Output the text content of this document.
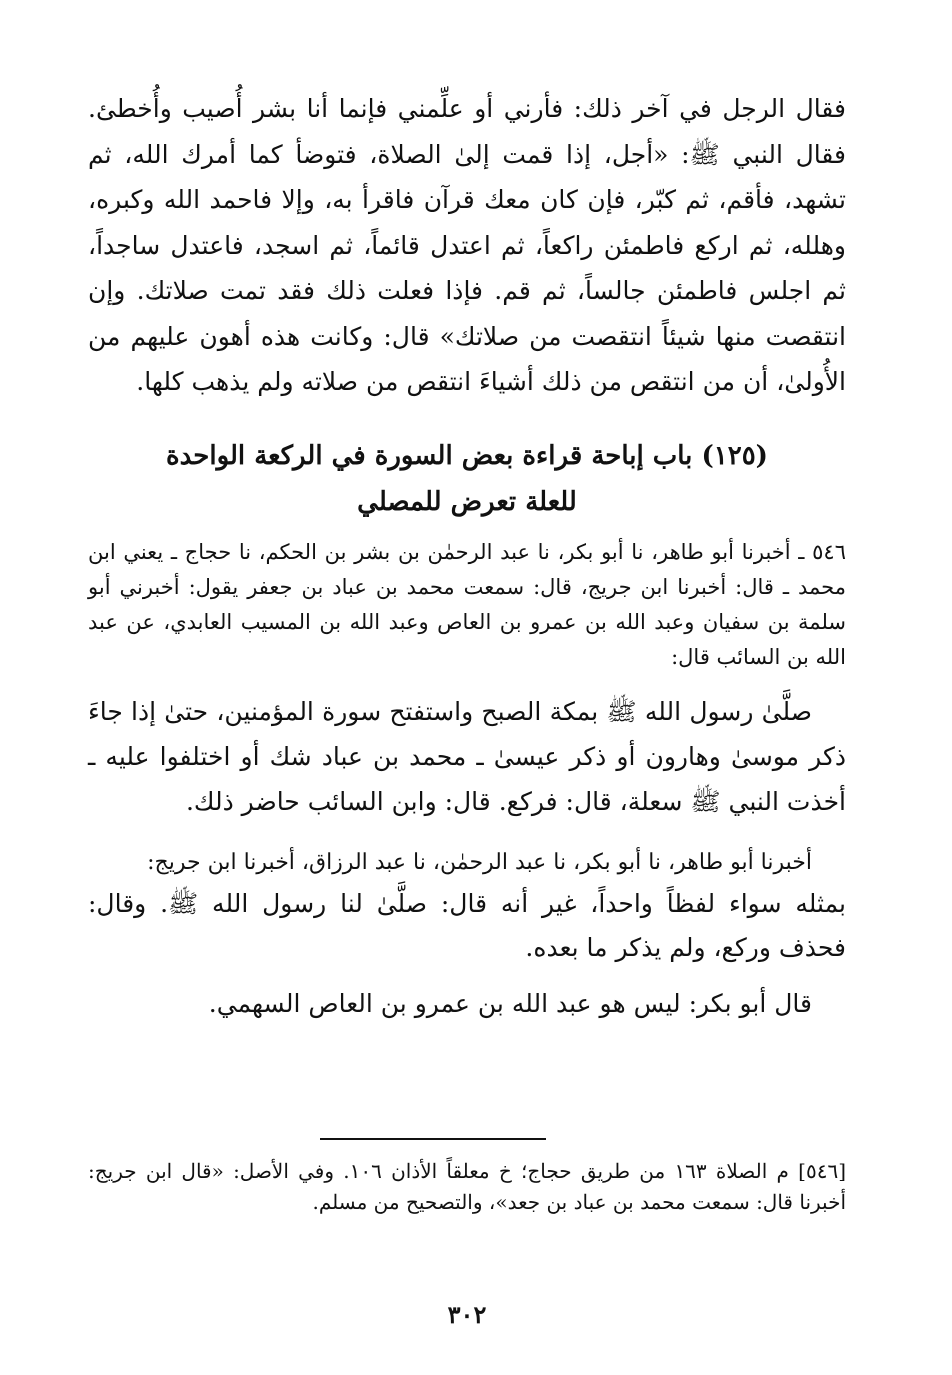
فقال الرجل في آخر ذلك: فأرني أو علِّمني فإنما أنا بشر أُصيب وأُخطئ. فقال النبي ﷺ: «أجل، إذا قمت إلىٰ الصلاة، فتوضأ كما أمرك الله، ثم تشهد، فأقم، ثم كبّر، فإن كان معك قرآن فاقرأ به، وإلا فاحمد الله وكبره، وهلله، ثم اركع فاطمئن راكعاً، ثم اعتدل قائماً، ثم اسجد، فاعتدل ساجداً، ثم اجلس فاطمئن جالساً، ثم قم. فإذا فعلت ذلك فقد تمت صلاتك. وإن انتقصت منها شيئاً انتقصت من صلاتك» قال: وكانت هذه أهون عليهم من الأُولىٰ، أن من انتقص من ذلك أشياءَ انتقص من صلاته ولم يذهب كلها.

(١٢٥) باب إباحة قراءة بعض السورة في الركعة الواحدة
للعلة تعرض للمصلي

٥٤٦ ـ أخبرنا أبو طاهر، نا أبو بكر، نا عبد الرحمٰن بن بشر بن الحكم، نا حجاج ـ يعني ابن محمد ـ قال: أخبرنا ابن جريج، قال: سمعت محمد بن عباد بن جعفر يقول: أخبرني أبو سلمة بن سفيان وعبد الله بن عمرو بن العاص وعبد الله بن المسيب العابدي، عن عبد الله بن السائب قال:

صلَّىٰ رسول الله ﷺ بمكة الصبح واستفتح سورة المؤمنين، حتىٰ إذا جاءَ ذكر موسىٰ وهارون أو ذكر عيسىٰ ـ محمد بن عباد شك أو اختلفوا عليه ـ أخذت النبي ﷺ سعلة، قال: فركع. قال: وابن السائب حاضر ذلك.

أخبرنا أبو طاهر، نا أبو بكر، نا عبد الرحمٰن، نا عبد الرزاق، أخبرنا ابن جريج:

بمثله سواء لفظاً واحداً، غير أنه قال: صلَّىٰ لنا رسول الله ﷺ. وقال: فحذف وركع، ولم يذكر ما بعده.

قال أبو بكر: ليس هو عبد الله بن عمرو بن العاص السهمي.

[٥٤٦] م الصلاة ١٦٣ من طريق حجاج؛ خ معلقاً الأذان ١٠٦. وفي الأصل: «قال ابن جريج: أخبرنا قال: سمعت محمد بن عباد بن جعد»، والتصحيح من مسلم.

٣٠٢
